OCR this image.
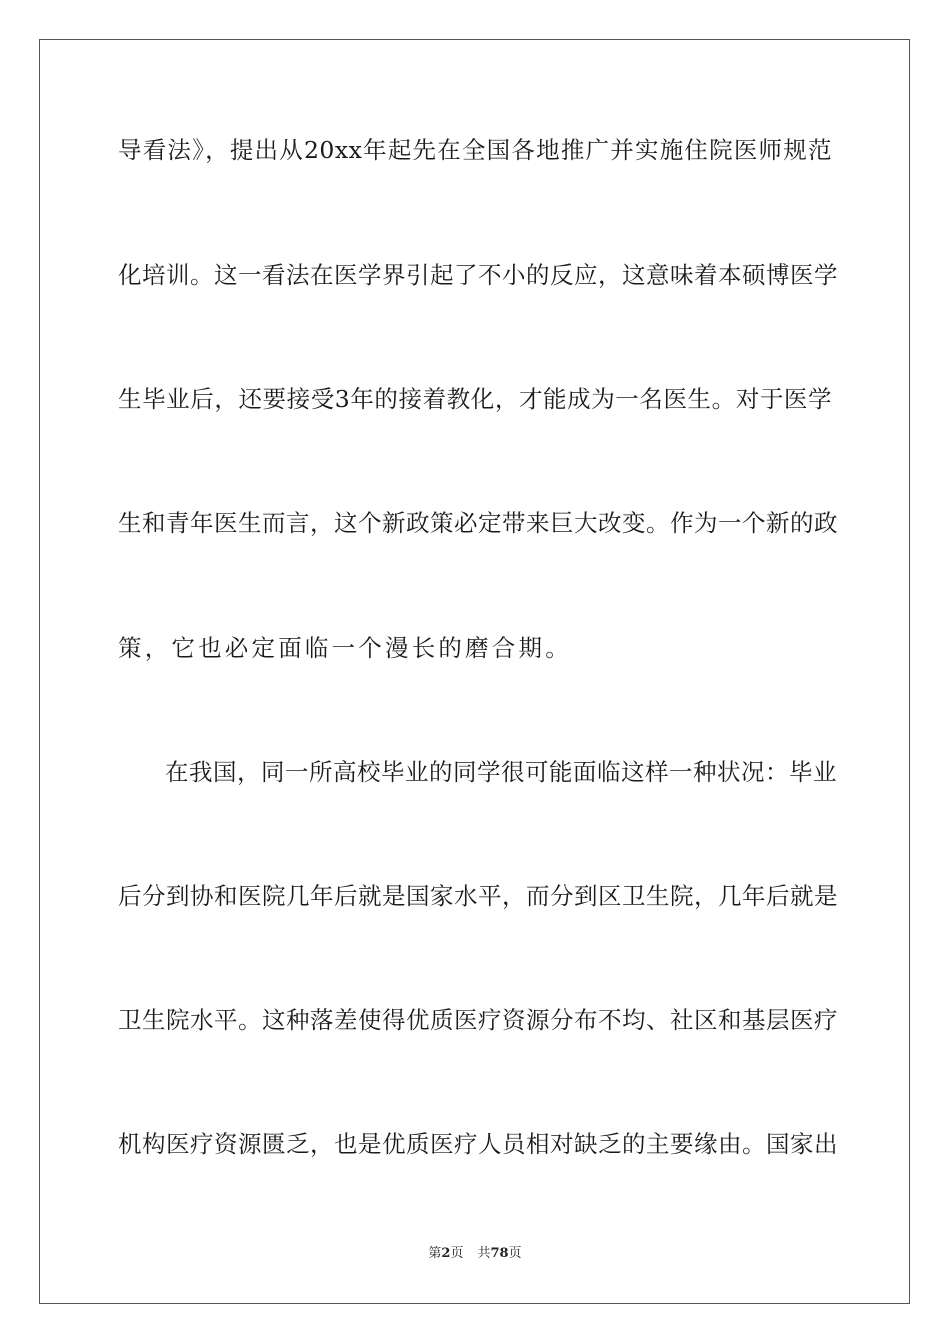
导看法》，提出从20xx年起先在全国各地推广并实施住院医师规范
化培训。这一看法在医学界引起了不小的反应，这意味着本硕博医学
生毕业后，还要接受3年的接着教化，才能成为一名医生。对于医学
生和青年医生而言，这个新政策必定带来巨大改变。作为一个新的政
策，它也必定面临一个漫长的磨合期。
在我国，同一所高校毕业的同学很可能面临这样一种状况：毕业
后分到协和医院几年后就是国家水平，而分到区卫生院，几年后就是
卫生院水平。这种落差使得优质医疗资源分布不均、社区和基层医疗
机构医疗资源匮乏，也是优质医疗人员相对缺乏的主要缘由。国家出
第2页 共78页
